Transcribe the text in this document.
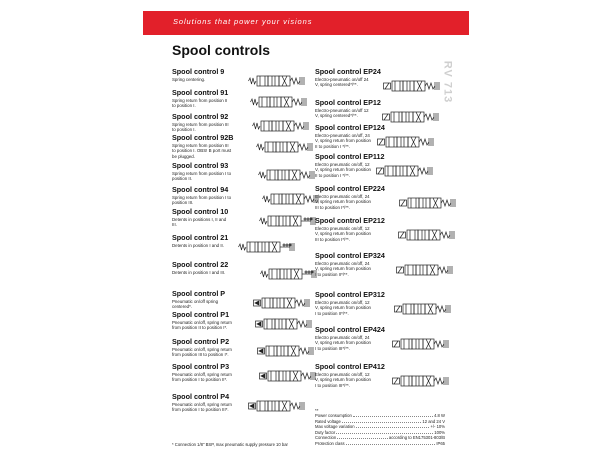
Solutions that power your visions
Spool controls
RV 713
Spool control 9
Spring centering.
Spool control 91
Spring return from position II to position I.
Spool control 92
Spring return from position III to position I.
Spool control 92B
Spring return from position III to position I. OBS! B port must be plugged.
Spool control 93
Spring return from position I to position II.
Spool control 94
Spring return from position I to position III.
Spool control 10
Detents in positions I, II and III.
Spool control 21
Detents in position I and II.
Spool control 22
Detents in position I and III.
Spool control P
Pneumatic on/off spring centered*.
Spool control P1
Pneumatic on/off, spring return from position II to position I*.
Spool control P2
Pneumatic on/off, spring return from position III to position I*.
Spool control P3
Pneumatic on/off, spring return from position I to position II*.
Spool control P4
Pneumatic on/off, spring return from position I to position III*.
Spool control EP24
Electro-pneumatic on/off 24 V, spring centered*/**.
Spool control EP12
Electro-pneumatic on/off 12 V, spring centered*/**.
Spool control EP124
Electro-pneumatic on/off, 24 V, spring return from position II to position I */**.
Spool control EP112
Electro pneumatic on/off, 12 V, spring return from position II to position I */**.
Spool control EP224
Electro pneumatic on/off, 24 V, spring return from position III to position I*/**.
Spool control EP212
Electro pneumatic on/off, 12 V, spring return from position III to position I*/**.
Spool control EP324
Electro pneumatic on/off, 24 V, spring return from position I to position II*/**.
Spool control EP312
Electro pneumatic on/off, 12 V, spring return from position I to position II*/**.
Spool control EP424
Electro pneumatic on/off, 24 V, spring return from position I to position III*/**.
Spool control EP412
Electro pneumatic on/off, 12 V, spring return from position I to position III*/**.
* Connection 1/8" BSP, max pneumatic supply pressure 10 bar
**
Power consumption	4.8 W
Rated voltage	12 and 24 V
Max voltage variation	+/- 10%
Duty factor	100%
Connection	according to EN175301-803/B
Protection class	IP65
